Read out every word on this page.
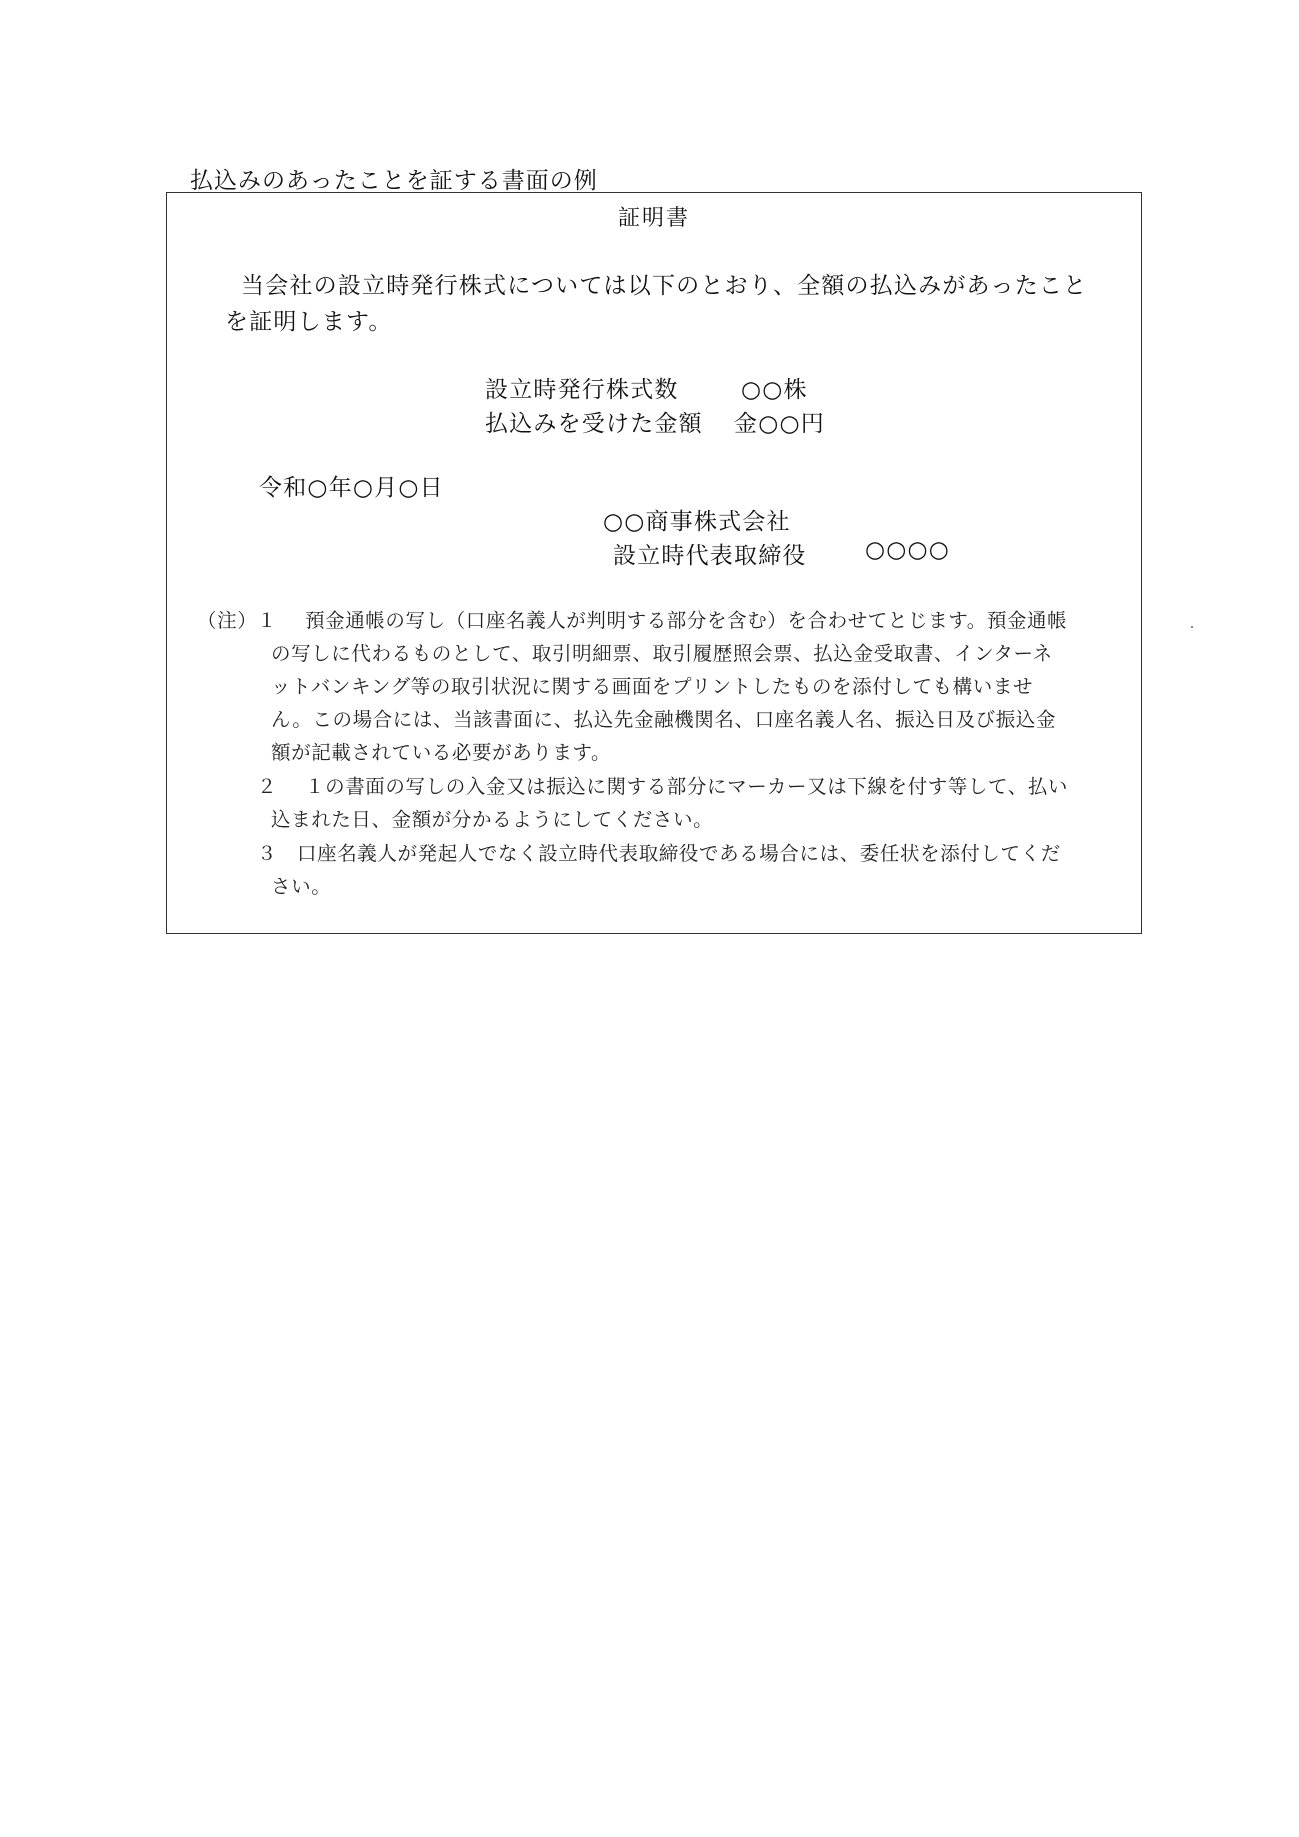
払込みのあったことを証する書面の例
証明書
当会社の設立時発行株式については以下のとおり、全額の払込みがあったこと
を証明します。
設立時発行株式数	○○株
払込みを受けた金額 金○○円
令和○年○月○日
○○商事株式会社
設立時代表取締役	○○○○
（注） １ 預金通帳の写し（口座名義人が判明する部分を含む）を合わせてとじます。預金通帳
の写しに代わるものとして、取引明細票、取引履歴照会票、払込金受取書、インターネ
ットバンキング等の取引状況に関する画面をプリントしたものを添付しても構いませ
ん。この場合には、当該書面に、払込先金融機関名、口座名義人名、振込日及び振込金
額が記載されている必要があります。
２ １の書面の写しの入金又は振込に関する部分にマーカー又は下線を付す等して、払い
込まれた日、金額が分かるようにしてください。
３ 口座名義人が発起人でなく設立時代表取締役である場合には、委任状を添付してくだ
さい。
